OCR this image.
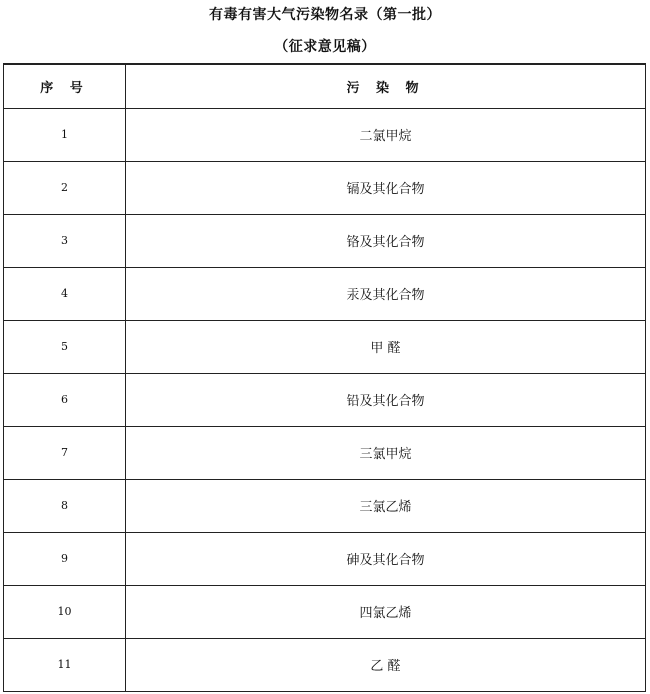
有毒有害大气污染物名录（第一批）
（征求意见稿）
序 号	污 染 物
1	二氯甲烷
2	镉及其化合物
3	铬及其化合物
4	汞及其化合物
5	甲 醛
6	铅及其化合物
7	三氯甲烷
8	三氯乙烯
9	砷及其化合物
10	四氯乙烯
11	乙 醛
